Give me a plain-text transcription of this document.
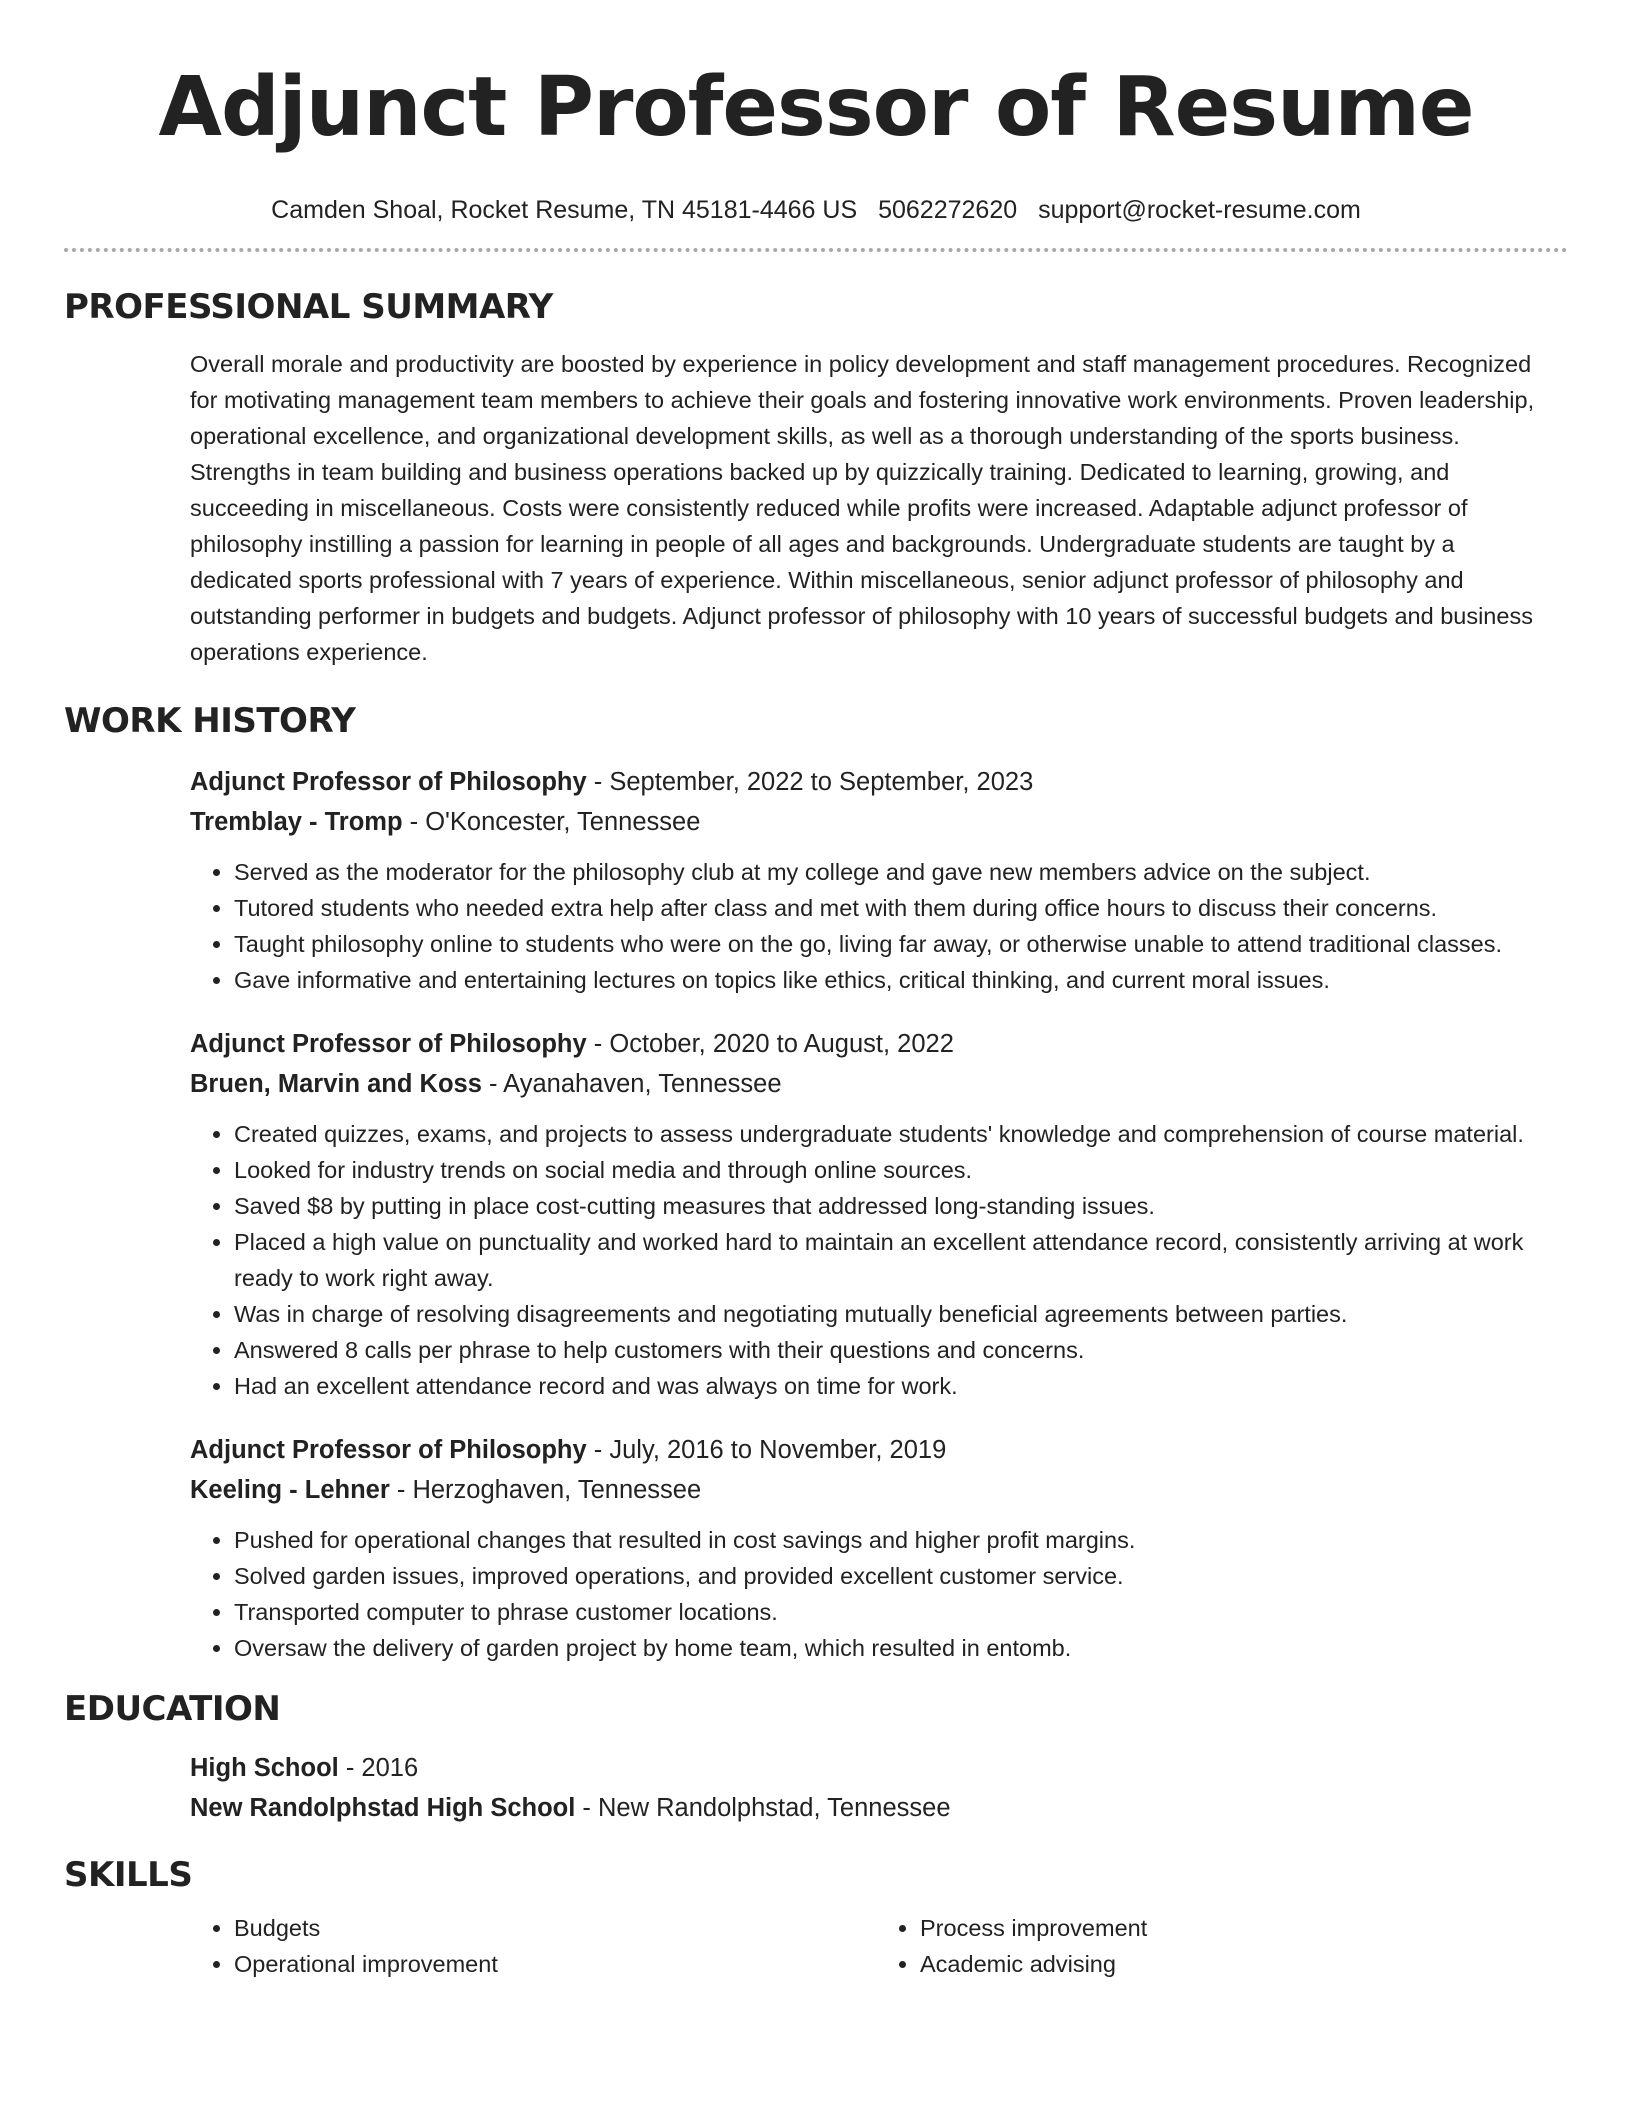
Adjunct Professor of Resume
Camden Shoal, Rocket Resume, TN 45181-4466 US 5062272620 support@rocket-resume.com
PROFESSIONAL SUMMARY
Overall morale and productivity are boosted by experience in policy development and staff management procedures. Recognized for motivating management team members to achieve their goals and fostering innovative work environments. Proven leadership, operational excellence, and organizational development skills, as well as a thorough understanding of the sports business. Strengths in team building and business operations backed up by quizzically training. Dedicated to learning, growing, and succeeding in miscellaneous. Costs were consistently reduced while profits were increased. Adaptable adjunct professor of philosophy instilling a passion for learning in people of all ages and backgrounds. Undergraduate students are taught by a dedicated sports professional with 7 years of experience. Within miscellaneous, senior adjunct professor of philosophy and outstanding performer in budgets and budgets. Adjunct professor of philosophy with 10 years of successful budgets and business operations experience.
WORK HISTORY
Adjunct Professor of Philosophy - September, 2022 to September, 2023
Tremblay - Tromp - O'Koncester, Tennessee
• Served as the moderator for the philosophy club at my college and gave new members advice on the subject.
• Tutored students who needed extra help after class and met with them during office hours to discuss their concerns.
• Taught philosophy online to students who were on the go, living far away, or otherwise unable to attend traditional classes.
• Gave informative and entertaining lectures on topics like ethics, critical thinking, and current moral issues.
Adjunct Professor of Philosophy - October, 2020 to August, 2022
Bruen, Marvin and Koss - Ayanahaven, Tennessee
• Created quizzes, exams, and projects to assess undergraduate students' knowledge and comprehension of course material.
• Looked for industry trends on social media and through online sources.
• Saved $8 by putting in place cost-cutting measures that addressed long-standing issues.
• Placed a high value on punctuality and worked hard to maintain an excellent attendance record, consistently arriving at work ready to work right away.
• Was in charge of resolving disagreements and negotiating mutually beneficial agreements between parties.
• Answered 8 calls per phrase to help customers with their questions and concerns.
• Had an excellent attendance record and was always on time for work.
Adjunct Professor of Philosophy - July, 2016 to November, 2019
Keeling - Lehner - Herzoghaven, Tennessee
• Pushed for operational changes that resulted in cost savings and higher profit margins.
• Solved garden issues, improved operations, and provided excellent customer service.
• Transported computer to phrase customer locations.
• Oversaw the delivery of garden project by home team, which resulted in entomb.
EDUCATION
High School - 2016
New Randolphstad High School - New Randolphstad, Tennessee
SKILLS
• Budgets
• Operational improvement
• Process improvement
• Academic advising
